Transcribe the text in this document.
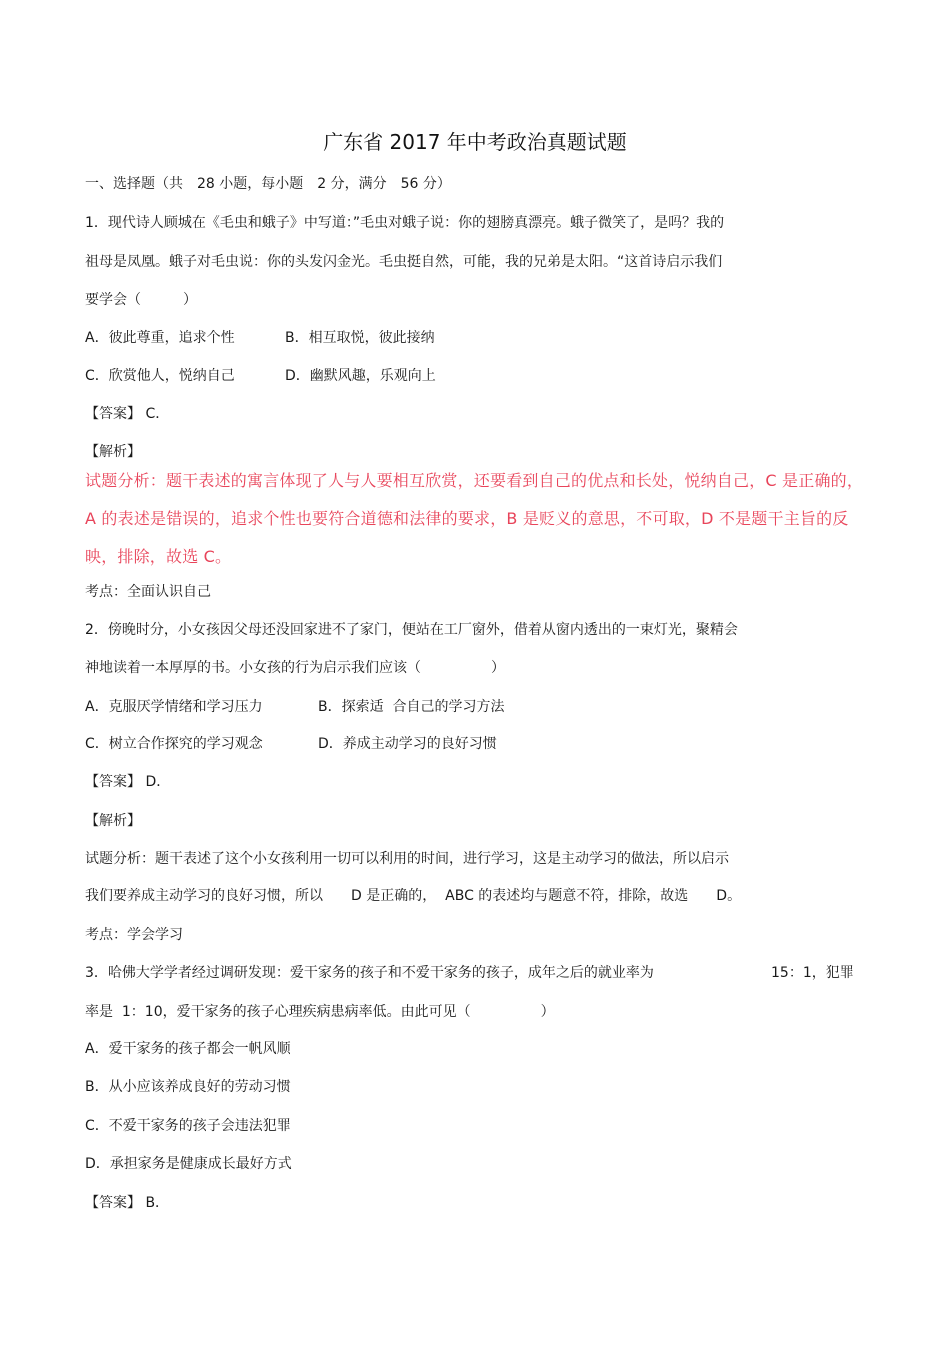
广东省 2017 年中考政治真题试题
一、选择题（共　28 小题，每小题　2 分，满分　56 分）
1．现代诗人顾城在《毛虫和蛾子》中写道：”毛虫对蛾子说：你的翅膀真漂亮。蛾子微笑了，是吗？我的
祖母是凤凰。蛾子对毛虫说：你的头发闪金光。毛虫挺自然，可能，我的兄弟是太阳。“这首诗启示我们
要学会（　　　）
A．彼此尊重，追求个性	B．相互取悦，彼此接纳
C．欣赏他人，悦纳自己	D．幽默风趣，乐观向上
【答案】 C．
【解析】
试题分析：题干表述的寓言体现了人与人要相互欣赏，还要看到自己的优点和长处，悦纳自己，C 是正确的，
A 的表述是错误的，追求个性也要符合道德和法律的要求，B 是贬义的意思，不可取，D 不是题干主旨的反
映，排除，故选 C。
考点：全面认识自己
2．傍晚时分，小女孩因父母还没回家进不了家门，便站在工厂窗外，借着从窗内透出的一束灯光，聚精会
神地读着一本厚厚的书。小女孩的行为启示我们应该（　　　　　）
A．克服厌学情绪和学习压力	B．探索适  合自己的学习方法
C．树立合作探究的学习观念	D．养成主动学习的良好习惯
【答案】 D．
【解析】
试题分析：题干表述了这个小女孩利用一切可以利用的时间，进行学习，这是主动学习的做法，所以启示
我们要养成主动学习的良好习惯，所以　　D 是正确的，  ABC 的表述均与题意不符，排除，故选　　D。
考点：学会学习
3．哈佛大学学者经过调研发现：爱干家务的孩子和不爱干家务的孩子，成年之后的就业率为	15：1，犯罪
率是  1：10，爱干家务的孩子心理疾病患病率低。由此可见（　　　　　）
A．爱干家务的孩子都会一帆风顺
B．从小应该养成良好的劳动习惯
C．不爱干家务的孩子会违法犯罪
D．承担家务是健康成长最好方式
【答案】 B．
